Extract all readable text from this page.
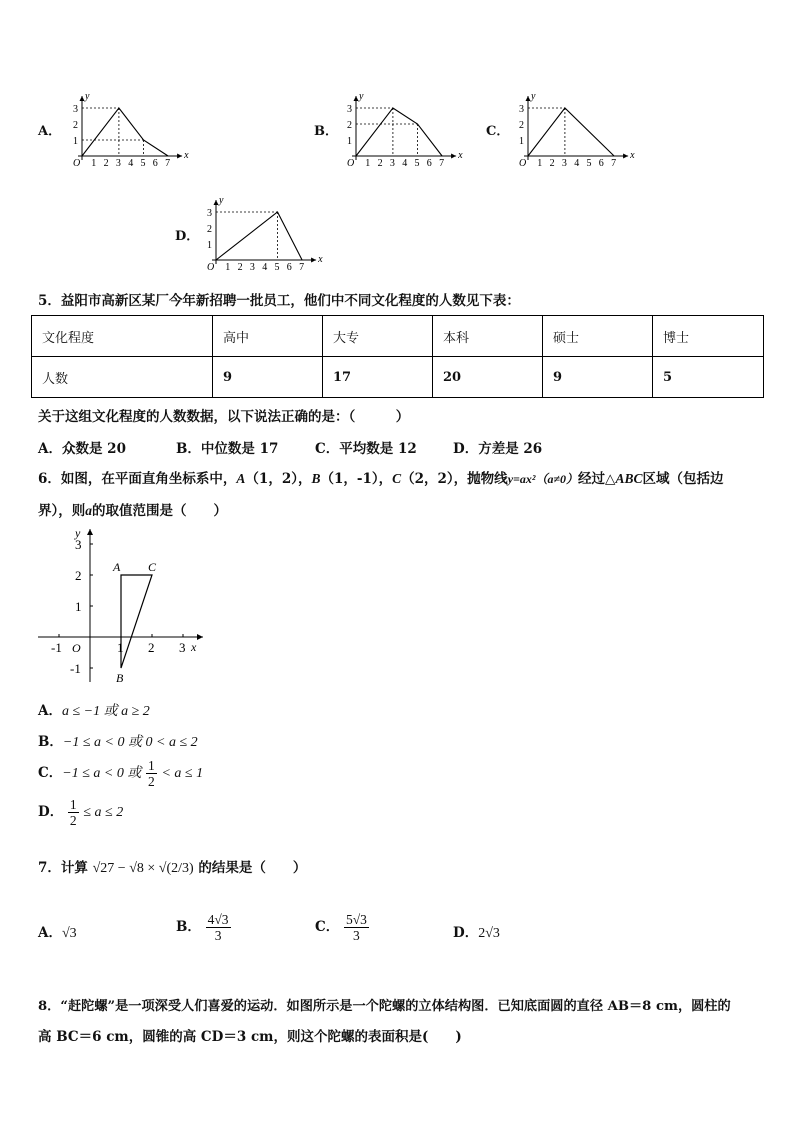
A．
x
y
O 1 2 3 4 5 6 7
1
2
3
B．
x
y
O 1 2 3 4 5 6 7
1
2
3
C．
x
y
O 1 2 3 4 5 6 7
1
2
3
D．
x
y
O 1 2 3 4 5 6 7
1
2
3
5．益阳市高新区某厂今年新招聘一批员工，他们中不同文化程度的人数见下表：
文化程度	高中	大专	本科	硕士	博士
人数	9	17	20	9	5
关于这组文化程度的人数数据，以下说法正确的是：（　　　）
A．众数是 20	B．中位数是 17	C．平均数是 12	D．方差是 26
6．如图，在平面直角坐标系中，A（1，2），B（1，-1），C（2，2），抛物线y=ax²（a≠0）经过△ABC区域（包括边
界），则a的取值范围是（　　）
x
y
O
-1	1 2 3
3
2
1
-1
A C
B
A．a ≤ −1 或 a ≥ 2
B．−1 ≤ a < 0 或 0 < a ≤ 2
C．−1 ≤ a < 0 或 $\frac{1}{2} < a \le 1$
D． $\frac{1}{2} \le a \le 2$
7．计算 √27 − √8 × √(2/3) 的结果是（　　）
A．√3	B． $\frac{4√3}{3}$	C． $\frac{5√3}{3}$	D．2√3
8．“赶陀螺”是一项深受人们喜爱的运动．如图所示是一个陀螺的立体结构图．已知底面圆的直径 AB＝8 cm，圆柱的
高 BC＝6 cm，圆锥的高 CD＝3 cm，则这个陀螺的表面积是(　　)
